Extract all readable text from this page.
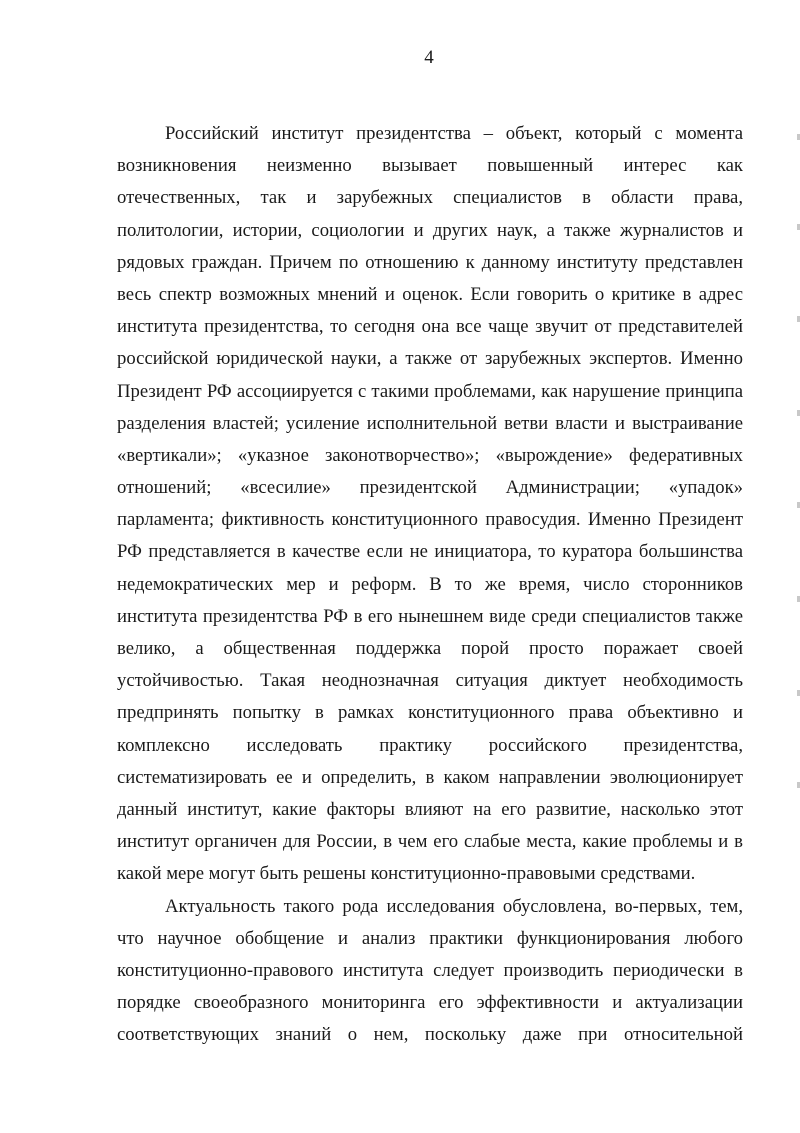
4
Российский институт президентства – объект, который с момента
возникновения неизменно вызывает повышенный интерес как
отечественных, так и зарубежных специалистов в области права,
политологии, истории, социологии и других наук, а также журналистов и
рядовых граждан. Причем по отношению к данному институту представлен
весь спектр возможных мнений и оценок. Если говорить о критике в адрес
института президентства, то сегодня она все чаще звучит от представителей
российской юридической науки, а также от зарубежных экспертов. Именно
Президент РФ ассоциируется с такими проблемами, как нарушение принципа
разделения властей; усиление исполнительной ветви власти и выстраивание
«вертикали»; «указное законотворчество»; «вырождение» федеративных
отношений; «всесилие» президентской Администрации; «упадок»
парламента; фиктивность конституционного правосудия. Именно Президент
РФ представляется в качестве если не инициатора, то куратора большинства
недемократических мер и реформ. В то же время, число сторонников
института президентства РФ в его нынешнем виде среди специалистов также
велико, а общественная поддержка порой просто поражает своей
устойчивостью. Такая неоднозначная ситуация диктует необходимость
предпринять попытку в рамках конституционного права объективно и
комплексно исследовать практику российского президентства,
систематизировать ее и определить, в каком направлении эволюционирует
данный институт, какие факторы влияют на его развитие, насколько этот
институт органичен для России, в чем его слабые места, какие проблемы и в
какой мере могут быть решены конституционно-правовыми средствами.
Актуальность такого рода исследования обусловлена, во-первых, тем,
что научное обобщение и анализ практики функционирования любого
конституционно-правового института следует производить периодически в
порядке своеобразного мониторинга его эффективности и актуализации
соответствующих знаний о нем, поскольку даже при относительной
